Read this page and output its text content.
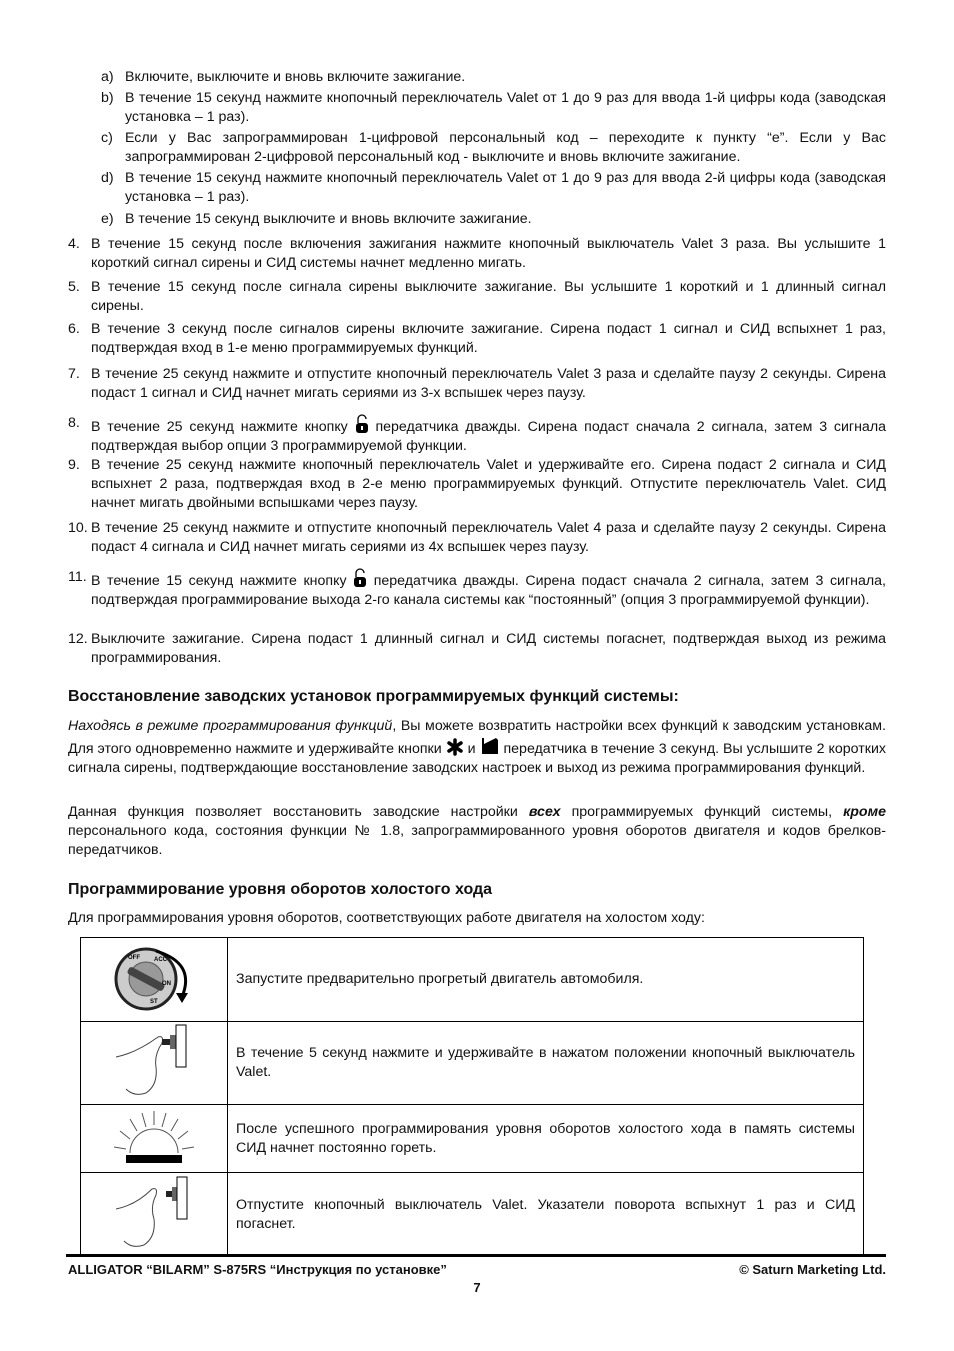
a) Включите, выключите и вновь включите зажигание.
b) В течение 15 секунд нажмите кнопочный переключатель Valet от 1 до 9 раз для ввода 1-й цифры кода (заводская установка – 1 раз).
c) Если у Вас запрограммирован 1-цифровой персональный код – переходите к пункту “e”. Если у Вас запрограммирован 2-цифровой персональный код - выключите и вновь включите зажигание.
d) В течение 15 секунд нажмите кнопочный переключатель Valet от 1 до 9 раз для ввода 2-й цифры кода (заводская установка – 1 раз).
e) В течение 15 секунд выключите и вновь включите зажигание.
4. В течение 15 секунд после включения зажигания нажмите кнопочный выключатель Valet 3 раза. Вы услышите 1 короткий сигнал сирены и СИД системы начнет медленно мигать.
5. В течение 15 секунд после сигнала сирены выключите зажигание. Вы услышите 1 короткий и 1 длинный сигнал сирены.
6. В течение 3 секунд после сигналов сирены включите зажигание. Сирена подаст 1 сигнал и СИД вспыхнет 1 раз, подтверждая вход в 1-е меню программируемых функций.
7. В течение 25 секунд нажмите и отпустите кнопочный переключатель Valet 3 раза и сделайте паузу 2 секунды. Сирена подаст 1 сигнал и СИД начнет мигать сериями из 3-х вспышек через паузу.
8. В течение 25 секунд нажмите кнопку передатчика дважды. Сирена подаст сначала 2 сигнала, затем 3 сигнала подтверждая выбор опции 3 программируемой функции.
9. В течение 25 секунд нажмите кнопочный переключатель Valet и удерживайте его. Сирена подаст 2 сигнала и СИД вспыхнет 2 раза, подтверждая вход в 2-е меню программируемых функций. Отпустите переключатель Valet. СИД начнет мигать двойными вспышками через паузу.
10. В течение 25 секунд нажмите и отпустите кнопочный переключатель Valet 4 раза и сделайте паузу 2 секунды. Сирена подаст 4 сигнала и СИД начнет мигать сериями из 4х вспышек через паузу.
11. В течение 15 секунд нажмите кнопку передатчика дважды. Сирена подаст сначала 2 сигнала, затем 3 сигнала, подтверждая программирование выхода 2-го канала системы как “постоянный” (опция 3 программируемой функции).
12. Выключите зажигание. Сирена подаст 1 длинный сигнал и СИД системы погаснет, подтверждая выход из режима программирования.
Восстановление заводских установок программируемых функций системы:
Находясь в режиме программирования функций, Вы можете возвратить настройки всех функций к заводским установкам. Для этого одновременно нажмите и удерживайте кнопки и передатчика в течение 3 секунд. Вы услышите 2 коротких сигнала сирены, подтверждающие восстановление заводских настроек и выход из режима программирования функций.
Данная функция позволяет восстановить заводские настройки всех программируемых функций системы, кроме персонального кода, состояния функции № 1.8, запрограммированного уровня оборотов двигателя и кодов брелков-передатчиков.
Программирование уровня оборотов холостого хода
Для программирования уровня оборотов, соответствующих работе двигателя на холостом ходу:
OFF ACC
ON
ST	Запустите предварительно прогретый двигатель автомобиля.
	В течение 5 секунд нажмите и удерживайте в нажатом положении кнопочный выключатель Valet.
	После успешного программирования уровня оборотов холостого хода в память системы СИД начнет постоянно гореть.
	Отпустите кнопочный выключатель Valet. Указатели поворота вспыхнут 1 раз и СИД погаснет.
ALLIGATOR “BILARM” S-875RS “Инструкция по установке”	© Saturn Marketing Ltd.
7
